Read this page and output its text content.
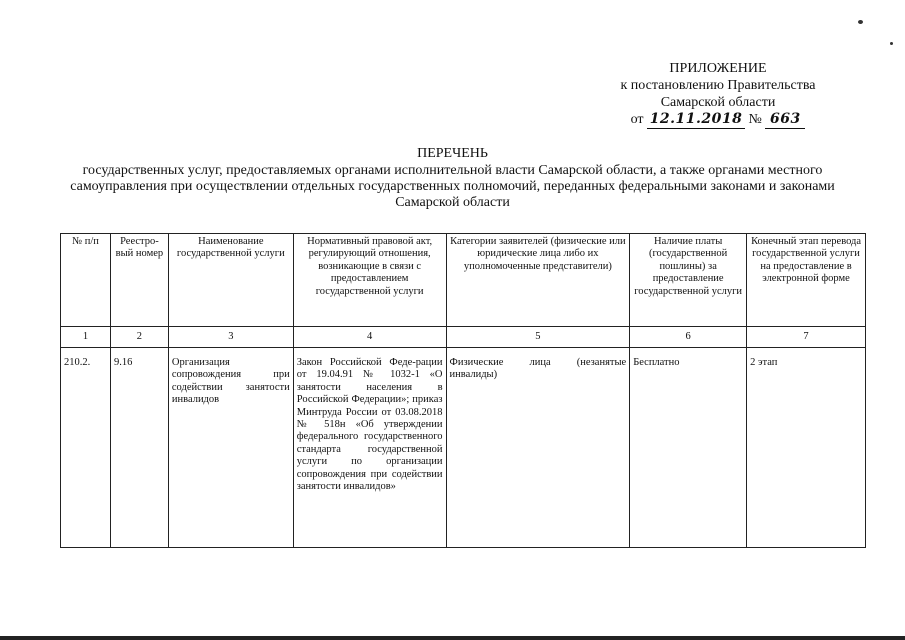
ПРИЛОЖЕНИЕ
к постановлению Правительства
Самарской области
от 12.11.2018 № 663
ПЕРЕЧЕНЬ
государственных услуг, предоставляемых органами исполнительной власти Самарской области, а также органами местного самоуправления при осуществлении отдельных государственных полномочий, переданных федеральными законами и законами Самарской области
№ п/п	Реестро-вый номер	Наименование государственной услуги	Нормативный правовой акт, регулирующий отношения, возникающие в связи с предоставлением государственной услуги	Категории заявителей (физические или юридические лица либо их уполномоченные представители)	Наличие платы (государственной пошлины) за предоставление государственной услуги	Конечный этап перевода государственной услуги на предоставление в электронной форме
1	2	3	4	5	6	7
210.2.	9.16	Организация сопровождения при содействии занятости инвалидов	Закон Российской Феде-рации от 19.04.91 № 1032-1 «О занятости населения в Российской Федерации»; приказ Минтруда России от 03.08.2018 № 518н «Об утверждении федерального государственного стандарта государственной услуги по организации сопровождения при содействии занятости инвалидов»	Физические лица (незанятые инвалиды)	Бесплатно	2 этап
